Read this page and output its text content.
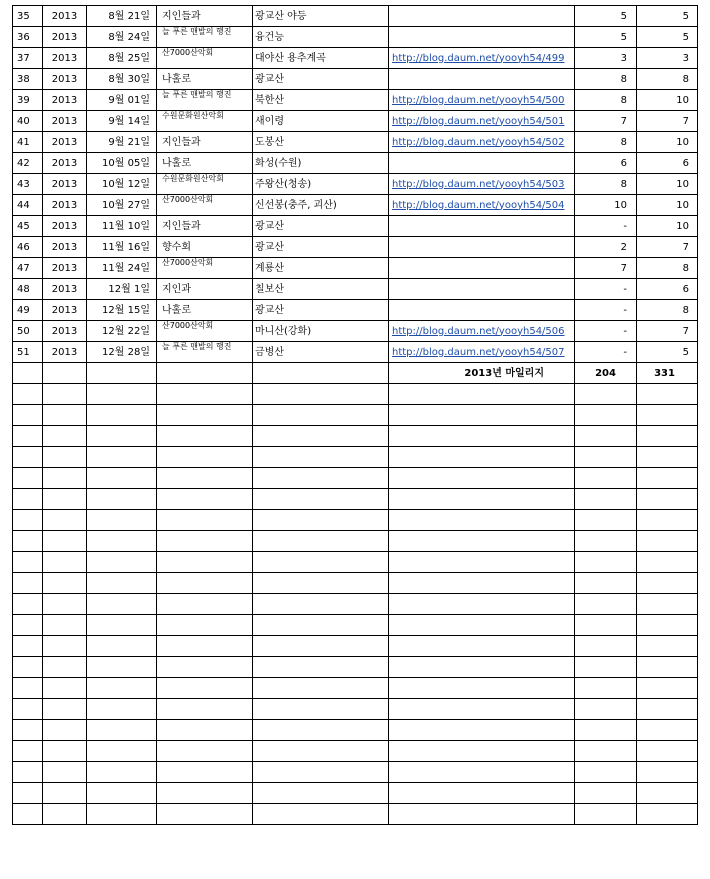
35	2013	8월 21일	지인들과	광교산 야등		5	5
36	2013	8월 24일	늘 푸른 맨발의 행진	융건능		5	5
37	2013	8월 25일	산7000산악회	대야산 용추계곡	http://blog.daum.net/yooyh54/499	3	3
38	2013	8월 30일	나홀로	광교산		8	8
39	2013	9월 01일	늘 푸른 맨발의 행진	북한산	http://blog.daum.net/yooyh54/500	8	10
40	2013	9월 14일	수원문화원산악회	새이령	http://blog.daum.net/yooyh54/501	7	7
41	2013	9월 21일	지인들과	도봉산	http://blog.daum.net/yooyh54/502	8	10
42	2013	10월 05일	나홀로	화성(수원)		6	6
43	2013	10월 12일	수원문화원산악회	주왕산(청송)	http://blog.daum.net/yooyh54/503	8	10
44	2013	10월 27일	산7000산악회	신선봉(충주, 괴산)	http://blog.daum.net/yooyh54/504	10	10
45	2013	11월 10일	지인들과	광교산		-	10
46	2013	11월 16일	향수회	광교산		2	7
47	2013	11월 24일	산7000산악회	계룡산		7	8
48	2013	12월 1일	지인과	칠보산		-	6
49	2013	12월 15일	나홀로	광교산		-	8
50	2013	12월 22일	산7000산악회	마니산(강화)	http://blog.daum.net/yooyh54/506	-	7
51	2013	12월 28일	늘 푸른 맨발의 행진	금병산	http://blog.daum.net/yooyh54/507	-	5
					2013년 마일리지	204	331
